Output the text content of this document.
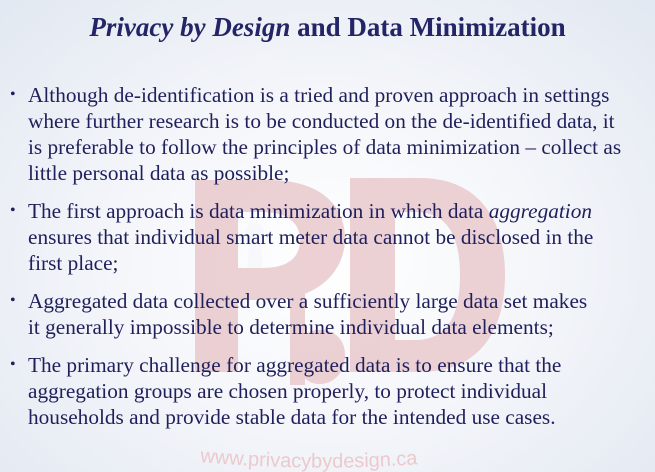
www.privacybydesign.ca
Privacy by Design and Data Minimization
• Although de-identification is a tried and proven approach in settings
where further research is to be conducted on the de-identified data, it
is preferable to follow the principles of data minimization – collect as
little personal data as possible;
• The first approach is data minimization in which data aggregation
ensures that individual smart meter data cannot be disclosed in the
first place;
• Aggregated data collected over a sufficiently large data set makes
it generally impossible to determine individual data elements;
• The primary challenge for aggregated data is to ensure that the
aggregation groups are chosen properly, to protect individual
households and provide stable data for the intended use cases.
